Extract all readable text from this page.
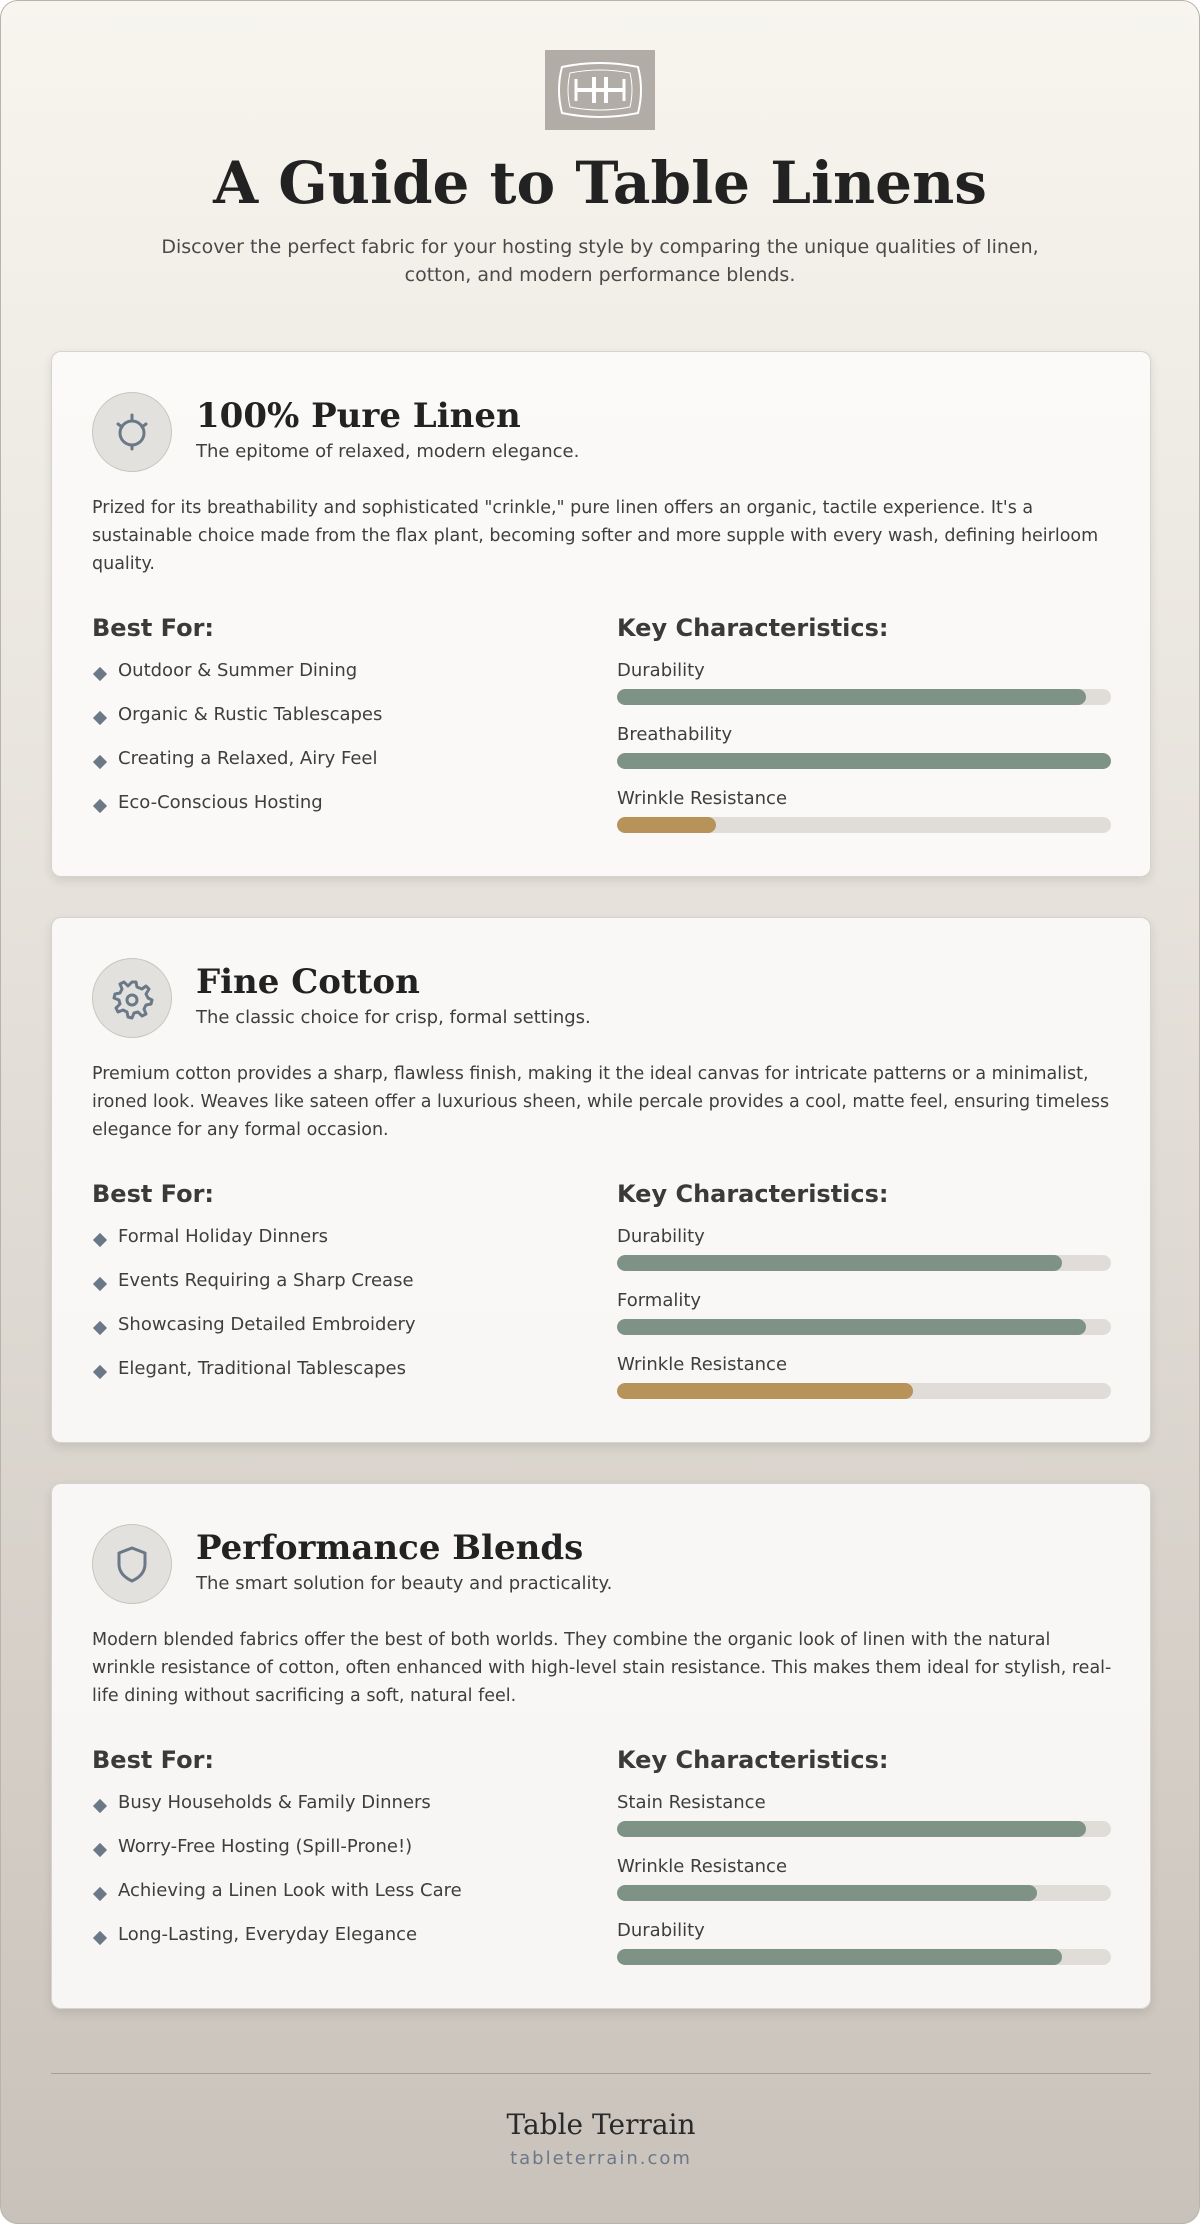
A Guide to Table Linens

Discover the perfect fabric for your hosting style by comparing the unique qualities of linen, cotton, and modern performance blends.

100% Pure Linen
The epitome of relaxed, modern elegance.

Prized for its breathability and sophisticated "crinkle," pure linen offers an organic, tactile experience. It's a sustainable choice made from the flax plant, becoming softer and more supple with every wash, defining heirloom quality.

Best For:	Key Characteristics:
Outdoor & Summer Dining
Organic & Rustic Tablescapes
Creating a Relaxed, Airy Feel
Eco-Conscious Hosting
Durability
Breathability
Wrinkle Resistance
Fine Cotton
The classic choice for crisp, formal settings.

Premium cotton provides a sharp, flawless finish, making it the ideal canvas for intricate patterns or a minimalist, ironed look. Weaves like sateen offer a luxurious sheen, while percale provides a cool, matte feel, ensuring timeless elegance for any formal occasion.

Best For:	Key Characteristics:
Formal Holiday Dinners
Events Requiring a Sharp Crease
Showcasing Detailed Embroidery
Elegant, Traditional Tablescapes
Durability
Formality
Wrinkle Resistance
Performance Blends
The smart solution for beauty and practicality.

Modern blended fabrics offer the best of both worlds. They combine the organic look of linen with the natural wrinkle resistance of cotton, often enhanced with high-level stain resistance. This makes them ideal for stylish, real-life dining without sacrificing a soft, natural feel.

Best For:	Key Characteristics:
Busy Households & Family Dinners
Worry-Free Hosting (Spill-Prone!)
Achieving a Linen Look with Less Care
Long-Lasting, Everyday Elegance
Stain Resistance
Wrinkle Resistance
Durability
Table Terrain
tableterrain.com
